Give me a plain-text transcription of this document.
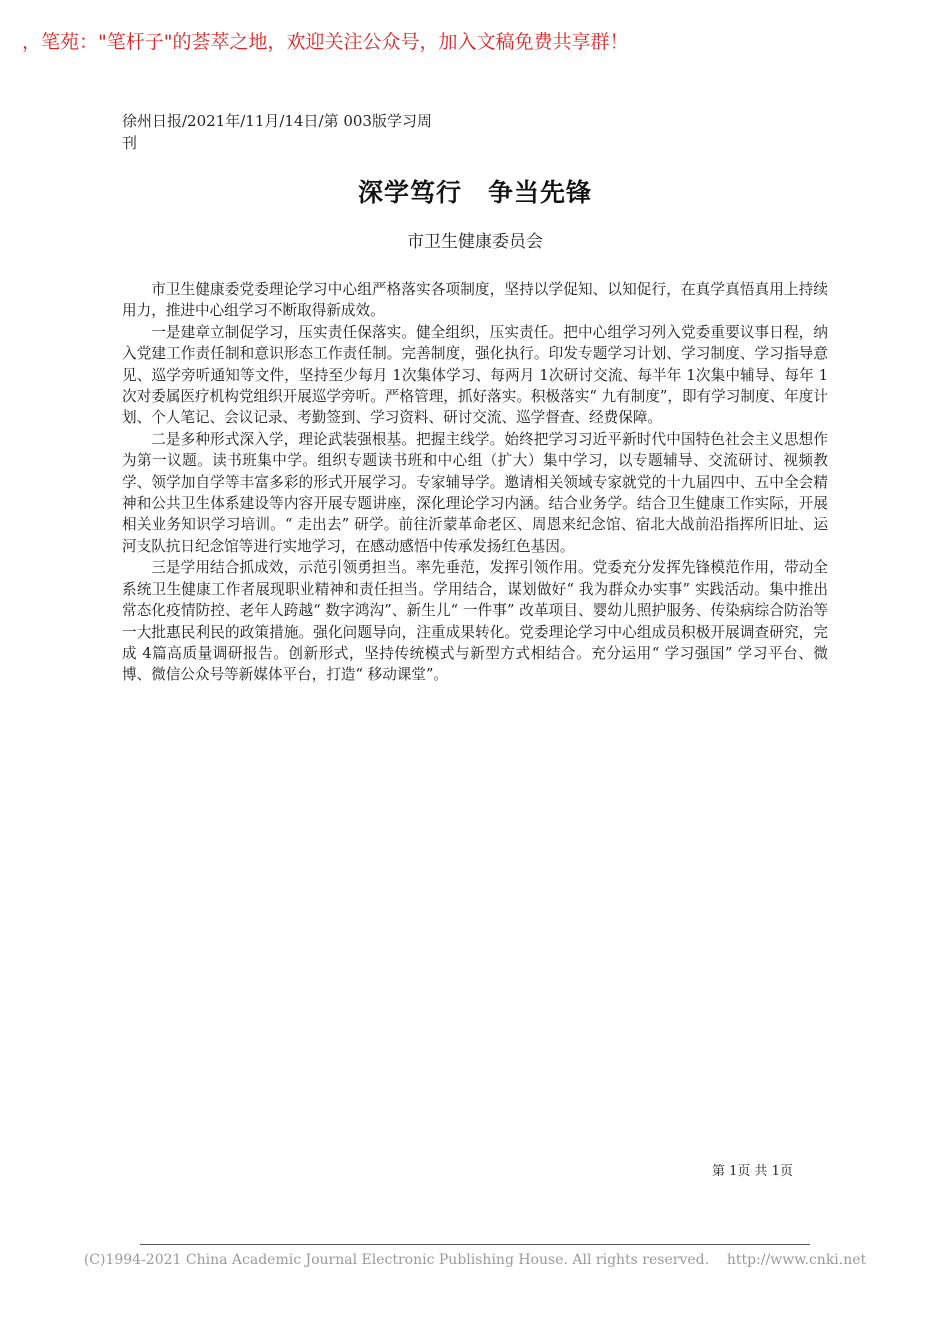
，笔苑："笔杆子"的荟萃之地，欢迎关注公众号，加入文稿免费共享群！
徐州日报/2021年/11月/14日/第 003版学习周刊
深学笃行　争当先锋
市卫生健康委员会

市卫生健康委党委理论学习中心组严格落实各项制度，坚持以学促知、以知促行，在真学真悟真用上持续用力，推进中心组学习不断取得新成效。

一是建章立制促学习，压实责任保落实。健全组织，压实责任。把中心组学习列入党委重要议事日程，纳入党建工作责任制和意识形态工作责任制。完善制度，强化执行。印发专题学习计划、学习制度、学习指导意见、巡学旁听通知等文件，坚持至少每月 1次集体学习、每两月 1次研讨交流、每半年 1次集中辅导、每年 1次对委属医疗机构党组织开展巡学旁听。严格管理，抓好落实。积极落实“ 九有制度”，即有学习制度、年度计划、个人笔记、会议记录、考勤签到、学习资料、研讨交流、巡学督查、经费保障。

二是多种形式深入学，理论武装强根基。把握主线学。始终把学习习近平新时代中国特色社会主义思想作为第一议题。读书班集中学。组织专题读书班和中心组（扩大）集中学习，以专题辅导、交流研讨、视频教学、领学加自学等丰富多彩的形式开展学习。专家辅导学。邀请相关领域专家就党的十九届四中、五中全会精神和公共卫生体系建设等内容开展专题讲座，深化理论学习内涵。结合业务学。结合卫生健康工作实际，开展相关业务知识学习培训。“ 走出去” 研学。前往沂蒙革命老区、周恩来纪念馆、宿北大战前沿指挥所旧址、运河支队抗日纪念馆等进行实地学习，在感动感悟中传承发扬红色基因。

三是学用结合抓成效，示范引领勇担当。率先垂范，发挥引领作用。党委充分发挥先锋模范作用，带动全系统卫生健康工作者展现职业精神和责任担当。学用结合，谋划做好“ 我为群众办实事” 实践活动。集中推出常态化疫情防控、老年人跨越“ 数字鸿沟”、新生儿“ 一件事” 改革项目、婴幼儿照护服务、传染病综合防治等一大批惠民利民的政策措施。强化问题导向，注重成果转化。党委理论学习中心组成员积极开展调查研究，完成 4篇高质量调研报告。创新形式，坚持传统模式与新型方式相结合。充分运用“ 学习强国” 学习平台、微博、微信公众号等新媒体平台，打造“ 移动课堂”。

第 1页 共 1页
(C)1994-2021 China Academic Journal Electronic Publishing House. All rights reserved.    http://www.cnki.net
